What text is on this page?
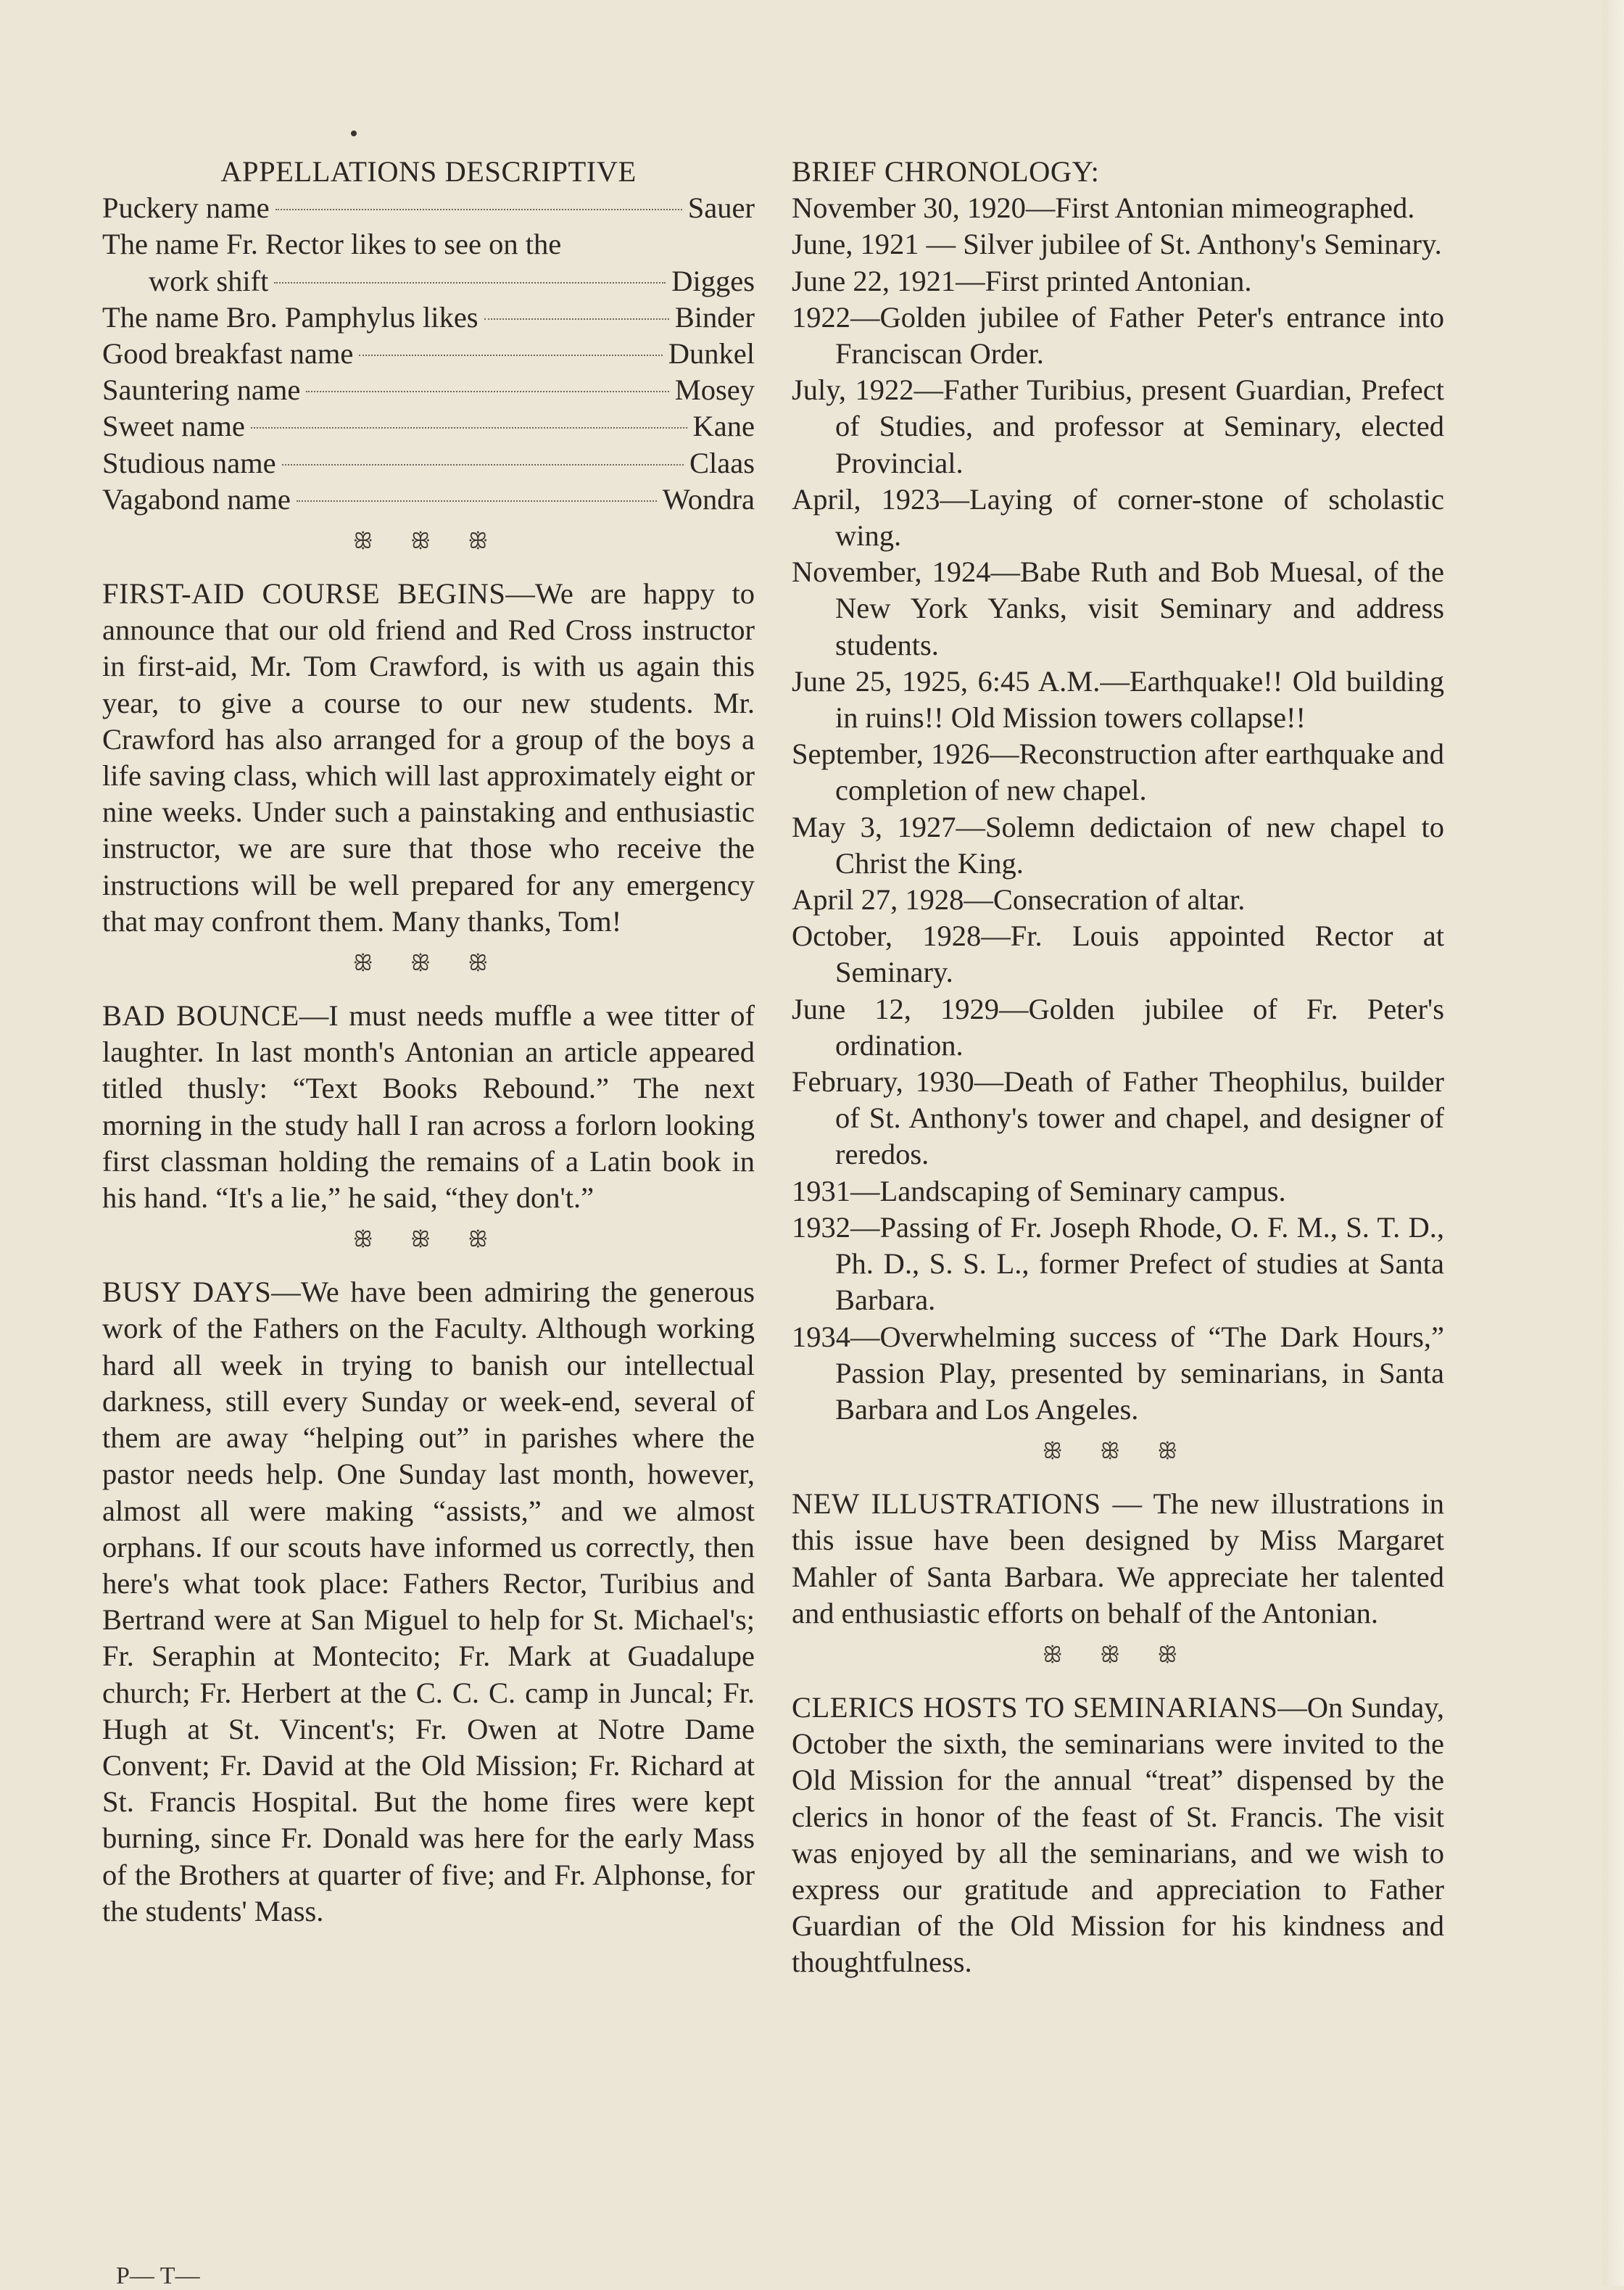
APPELLATIONS DESCRIPTIVE
Puckery name	Sauer
The name Fr. Rector likes to see on the
work shift	Digges
The name Bro. Pamphylus likes	Binder
Good breakfast name	Dunkel
Sauntering name	Mosey
Sweet name	Kane
Studious name	Claas
Vagabond name	Wondra
ꕥ ꕥ ꕥ

FIRST-AID COURSE BEGINS—We are happy to announce that our old friend and Red Cross instructor in first-aid, Mr. Tom Crawford, is with us again this year, to give a course to our new students. Mr. Crawford has also arranged for a group of the boys a life saving class, which will last approximately eight or nine weeks. Under such a painstaking and enthusiastic instructor, we are sure that those who receive the instructions will be well prepared for any emergency that may confront them. Many thanks, Tom!

ꕥ ꕥ ꕥ

BAD BOUNCE—I must needs muffle a wee titter of laughter. In last month's Antonian an article appeared titled thusly: “Text Books Rebound.” The next morning in the study hall I ran across a forlorn looking first classman holding the remains of a Latin book in his hand. “It's a lie,” he said, “they don't.”

ꕥ ꕥ ꕥ

BUSY DAYS—We have been admiring the generous work of the Fathers on the Faculty. Although working hard all week in trying to banish our intellectual darkness, still every Sunday or week-end, several of them are away “helping out” in parishes where the pastor needs help. One Sunday last month, however, almost all were making “assists,” and we almost orphans. If our scouts have informed us correctly, then here's what took place: Fathers Rector, Turibius and Bertrand were at San Miguel to help for St. Michael's; Fr. Seraphin at Montecito; Fr. Mark at Guadalupe church; Fr. Herbert at the C. C. C. camp in Juncal; Fr. Hugh at St. Vincent's; Fr. Owen at Notre Dame Convent; Fr. David at the Old Mission; Fr. Richard at St. Francis Hospital. But the home fires were kept burning, since Fr. Donald was here for the early Mass of the Brothers at quarter of five; and Fr. Alphonse, for the students' Mass.

BRIEF CHRONOLOGY:

November 30, 1920—First Antonian mimeographed.

June, 1921 — Silver jubilee of St. Anthony's Seminary.

June 22, 1921—First printed Antonian.

1922—Golden jubilee of Father Peter's entrance into Franciscan Order.

July, 1922—Father Turibius, present Guardian, Prefect of Studies, and professor at Seminary, elected Provincial.

April, 1923—Laying of corner-stone of scholastic wing.

November, 1924—Babe Ruth and Bob Muesal, of the New York Yanks, visit Seminary and address students.

June 25, 1925, 6:45 A.M.—Earthquake!! Old building in ruins!! Old Mission towers collapse!!

September, 1926—Reconstruction after earthquake and completion of new chapel.

May 3, 1927—Solemn dedictaion of new chapel to Christ the King.

April 27, 1928—Consecration of altar.

October, 1928—Fr. Louis appointed Rector at Seminary.

June 12, 1929—Golden jubilee of Fr. Peter's ordination.

February, 1930—Death of Father Theophilus, builder of St. Anthony's tower and chapel, and designer of reredos.

1931—Landscaping of Seminary campus.

1932—Passing of Fr. Joseph Rhode, O. F. M., S. T. D., Ph. D., S. S. L., former Prefect of studies at Santa Barbara.

1934—Overwhelming success of “The Dark Hours,” Passion Play, presented by seminarians, in Santa Barbara and Los Angeles.

ꕥ ꕥ ꕥ

NEW ILLUSTRATIONS — The new illustrations in this issue have been designed by Miss Margaret Mahler of Santa Barbara. We appreciate her talented and enthusiastic efforts on behalf of the Antonian.

ꕥ ꕥ ꕥ

CLERICS HOSTS TO SEMINARIANS—On Sunday, October the sixth, the seminarians were invited to the Old Mission for the annual “treat” dispensed by the clerics in honor of the feast of St. Francis. The visit was enjoyed by all the seminarians, and we wish to express our gratitude and appreciation to Father Guardian of the Old Mission for his kindness and thoughtfulness.

P— T—
